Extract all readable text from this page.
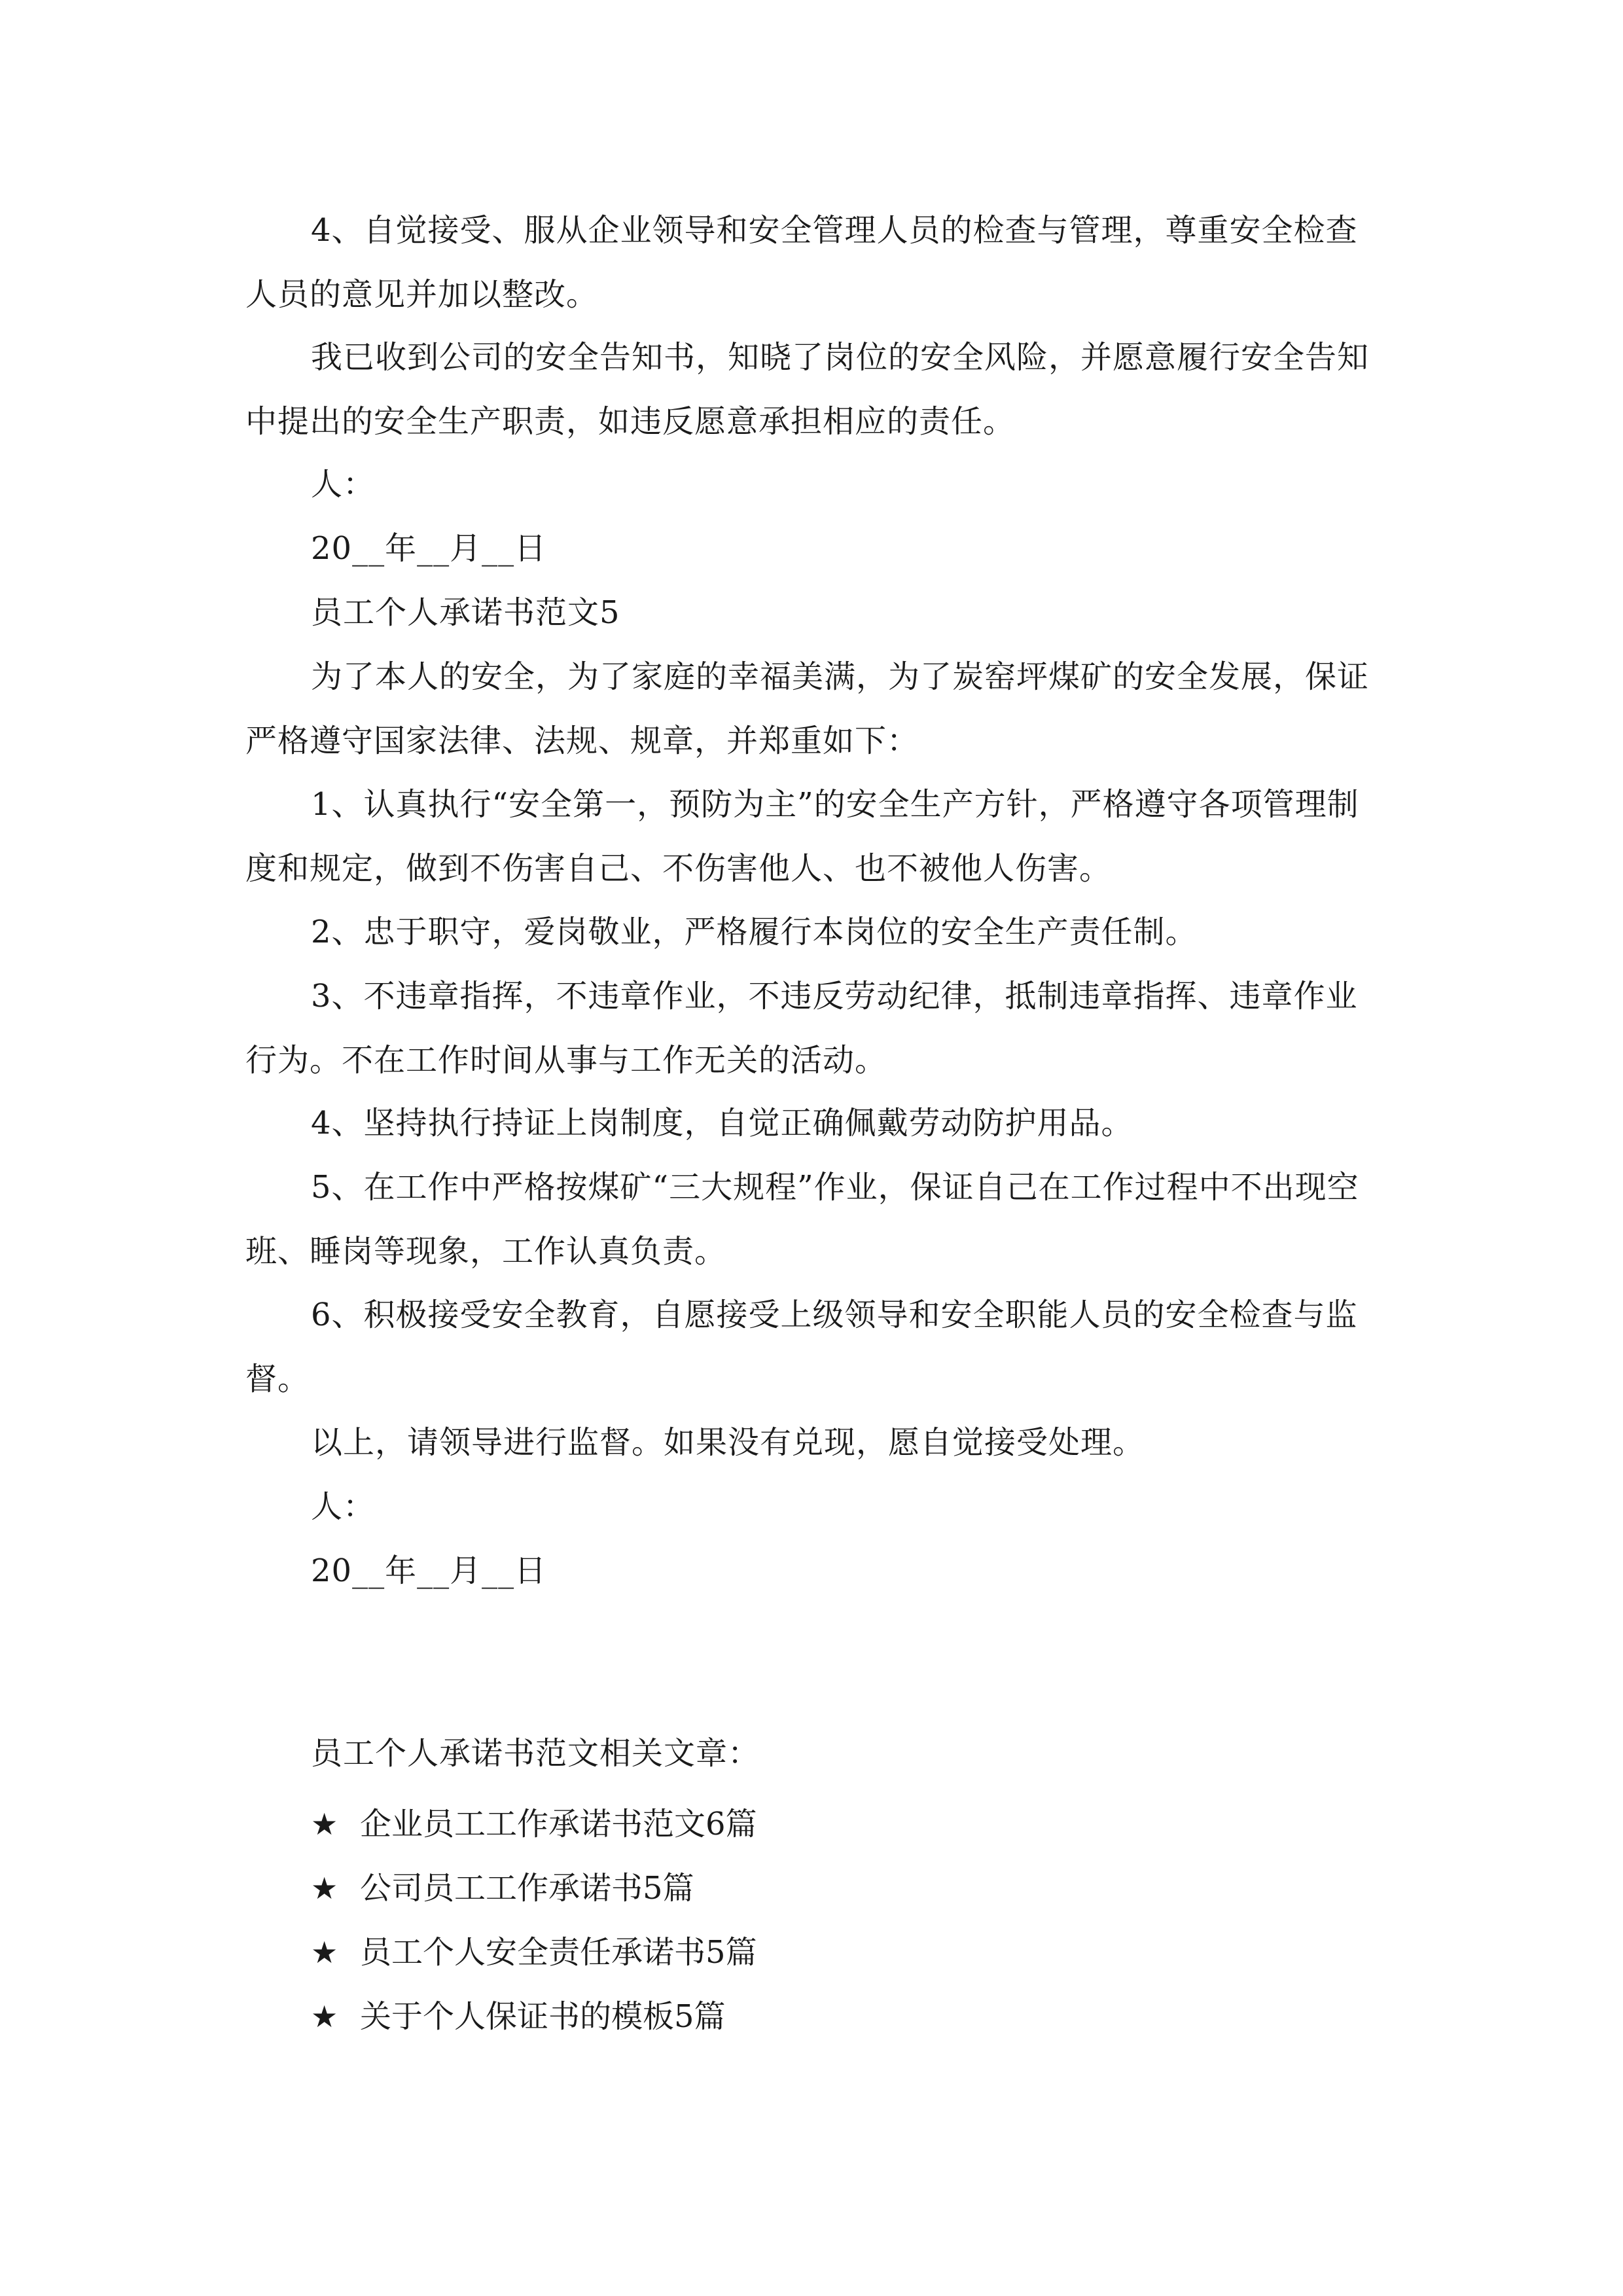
4、自觉接受、服从企业领导和安全管理人员的检查与管理，尊重安全检查人员的意见并加以整改。

我已收到公司的安全告知书，知晓了岗位的安全风险，并愿意履行安全告知中提出的安全生产职责，如违反愿意承担相应的责任。

人：

20__年__月__日

员工个人承诺书范文5

为了本人的安全，为了家庭的幸福美满，为了炭窑坪煤矿的安全发展，保证严格遵守国家法律、法规、规章，并郑重如下：

1、认真执行“安全第一，预防为主”的安全生产方针，严格遵守各项管理制度和规定，做到不伤害自己、不伤害他人、也不被他人伤害。

2、忠于职守，爱岗敬业，严格履行本岗位的安全生产责任制。

3、不违章指挥，不违章作业，不违反劳动纪律，抵制违章指挥、违章作业行为。不在工作时间从事与工作无关的活动。

4、坚持执行持证上岗制度，自觉正确佩戴劳动防护用品。

5、在工作中严格按煤矿“三大规程”作业，保证自己在工作过程中不出现空班、睡岗等现象，工作认真负责。

6、积极接受安全教育，自愿接受上级领导和安全职能人员的安全检查与监督。

以上，请领导进行监督。如果没有兑现，愿自觉接受处理。

人：

20__年__月__日

员工个人承诺书范文相关文章：

★ 企业员工工作承诺书范文6篇

★ 公司员工工作承诺书5篇

★ 员工个人安全责任承诺书5篇

★ 关于个人保证书的模板5篇
